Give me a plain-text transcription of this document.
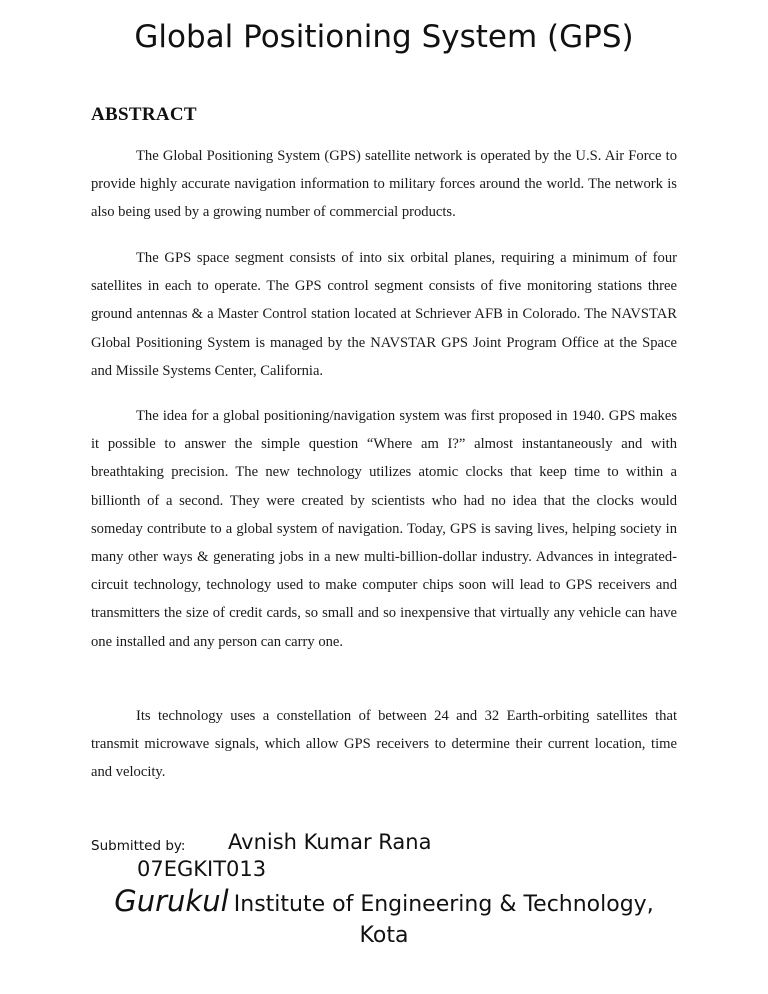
Global Positioning System (GPS)
ABSTRACT

The Global Positioning System (GPS) satellite network is operated by the U.S. Air Force to provide highly accurate navigation information to military forces around the world. The network is also being used by a growing number of commercial products.

The GPS space segment consists of into six orbital planes, requiring a minimum of four satellites in each to operate. The GPS control segment consists of five monitoring stations three ground antennas & a Master Control station located at Schriever AFB in Colorado. The NAVSTAR Global Positioning System is managed by the NAVSTAR GPS Joint Program Office at the Space and Missile Systems Center, California.

The idea for a global positioning/navigation system was first proposed in 1940. GPS makes it possible to answer the simple question “Where am I?” almost instantaneously and with breathtaking precision. The new technology utilizes atomic clocks that keep time to within a billionth of a second. They were created by scientists who had no idea that the clocks would someday contribute to a global system of navigation. Today, GPS is saving lives, helping society in many other ways & generating jobs in a new multi-billion-dollar industry. Advances in integrated-circuit technology, technology used to make computer chips soon will lead to GPS receivers and transmitters the size of credit cards, so small and so inexpensive that virtually any vehicle can have one installed and any person can carry one.

Its technology uses a constellation of between 24 and 32 Earth-orbiting satellites that transmit microwave signals, which allow GPS receivers to determine their current location, time and velocity.

Submitted by: Avnish Kumar Rana
07EGKIT013
Gurukul Institute of Engineering & Technology,
Kota
